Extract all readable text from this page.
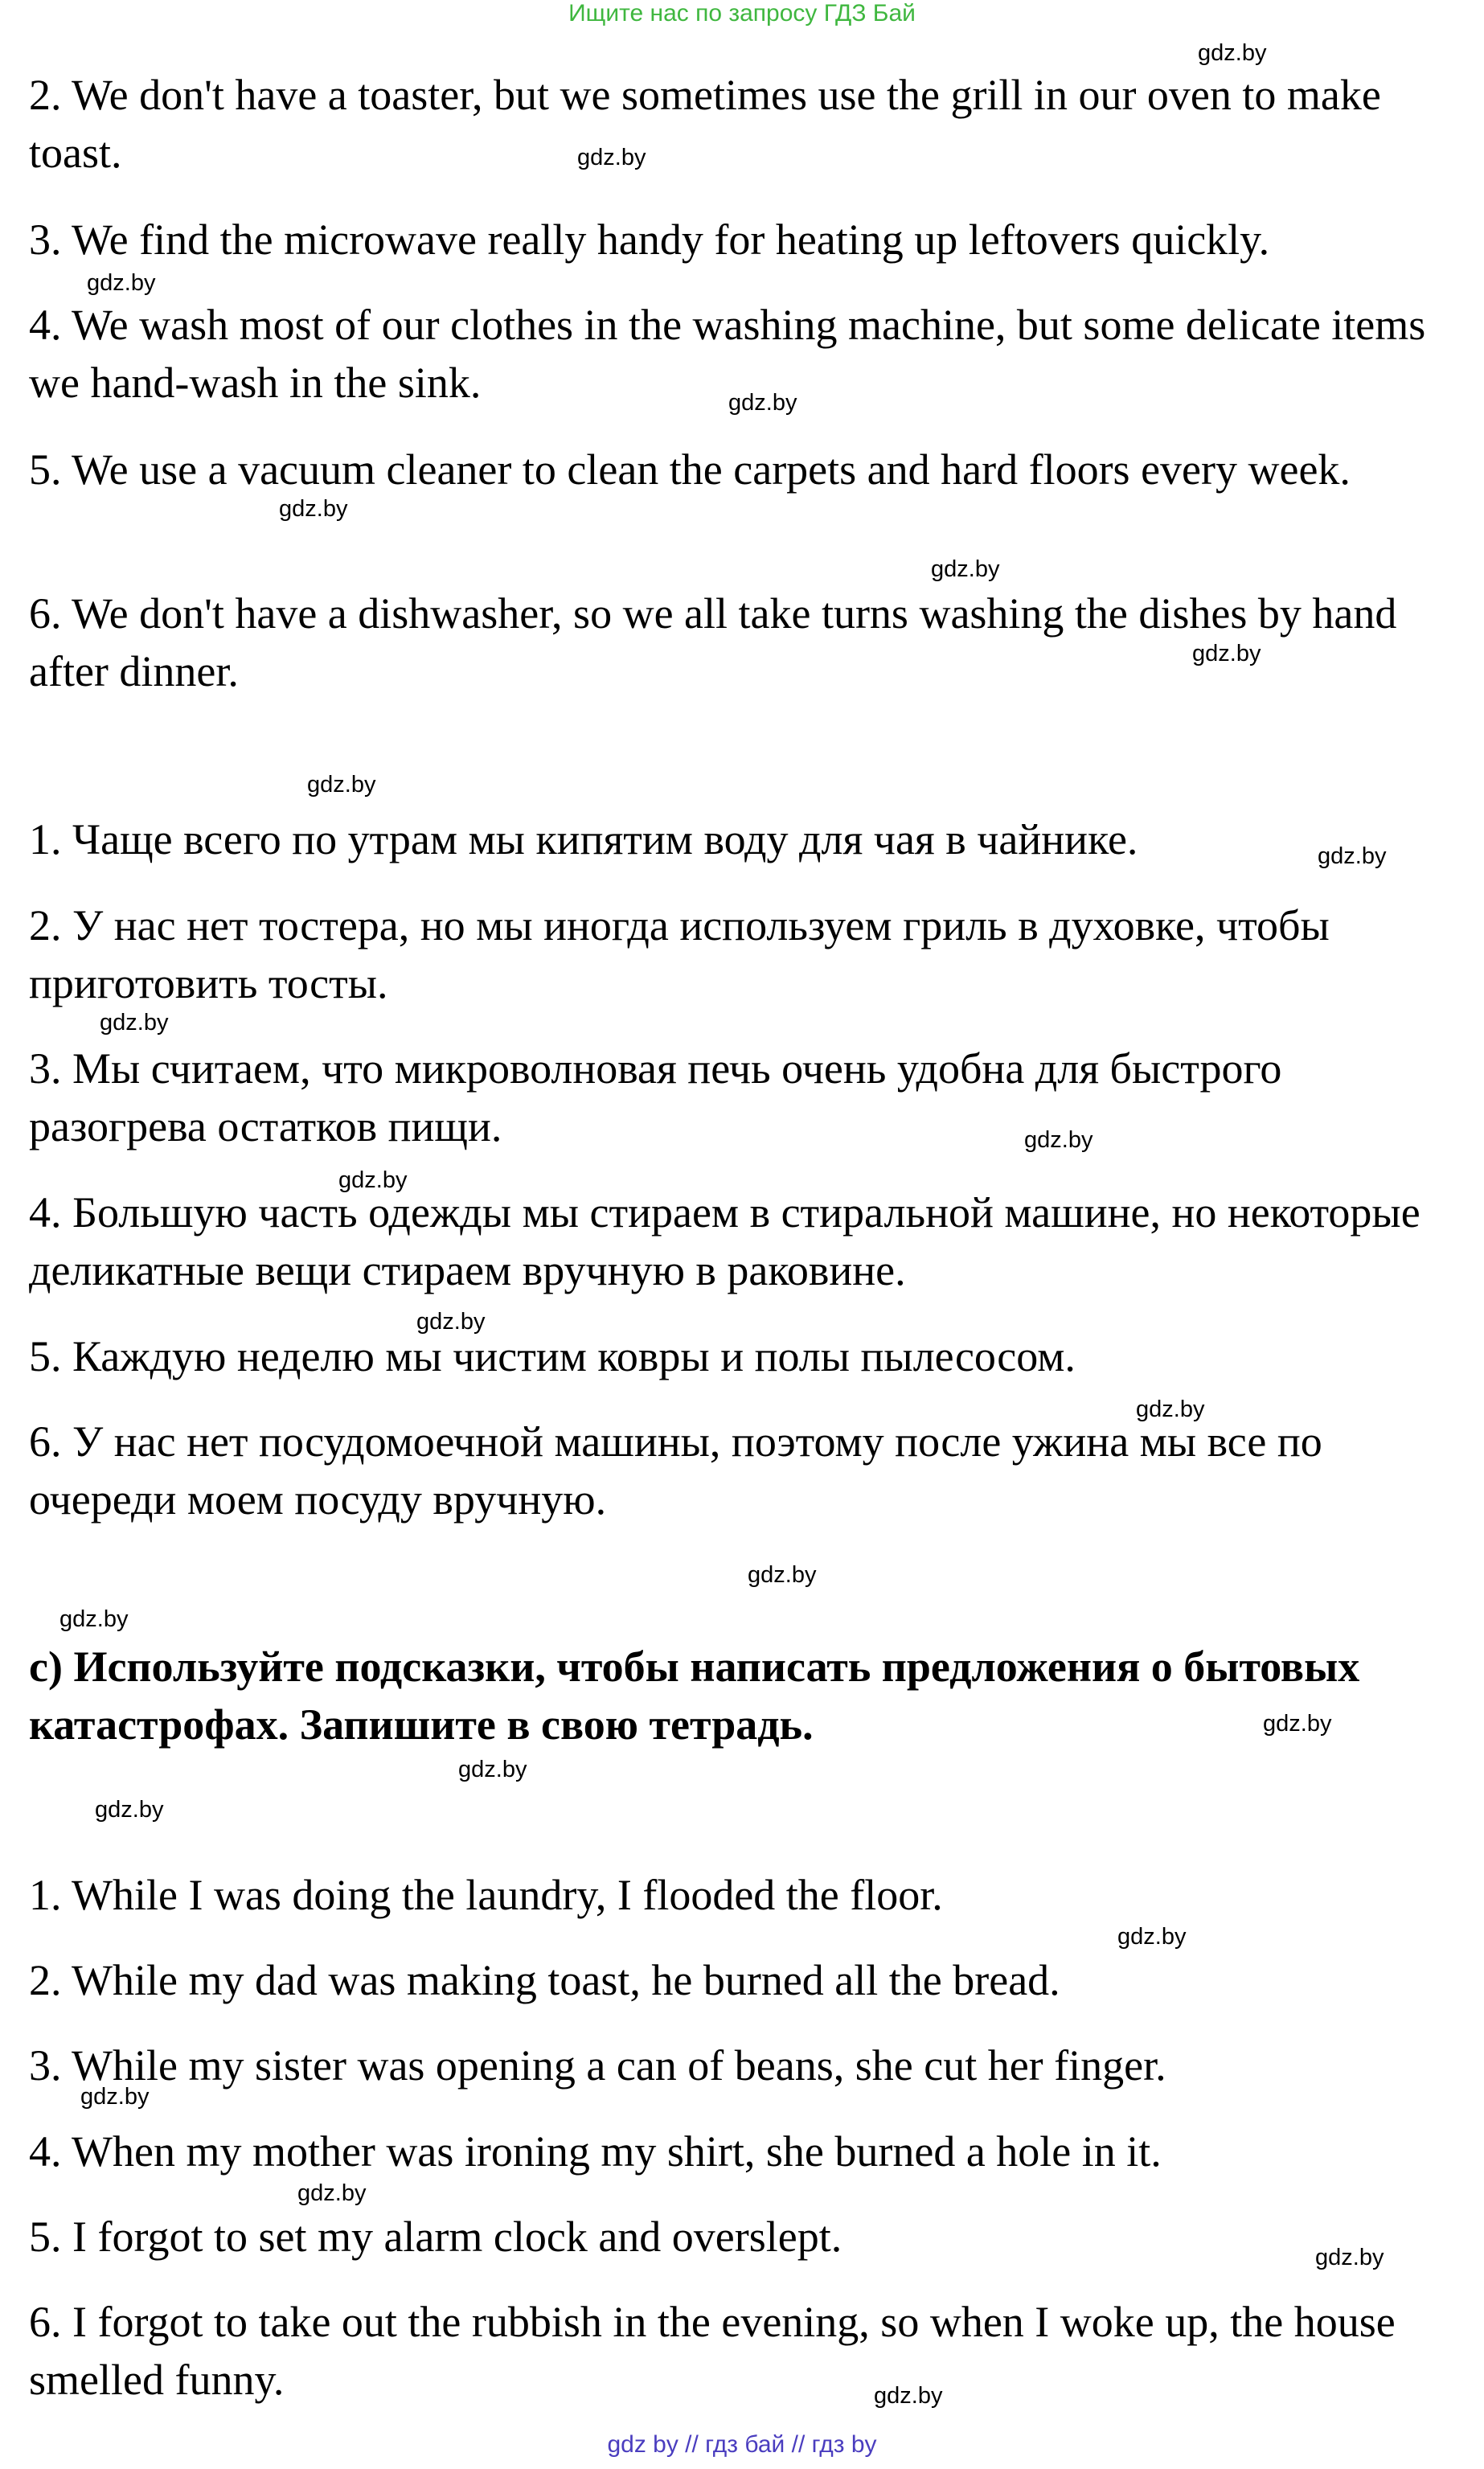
Ищите нас по запросу ГДЗ Бай
2. We don't have a toaster, but we sometimes use the grill in our oven to make toast.
3. We find the microwave really handy for heating up leftovers quickly.
4. We wash most of our clothes in the washing machine, but some delicate items we hand-wash in the sink.
5. We use a vacuum cleaner to clean the carpets and hard floors every week.
6. We don't have a dishwasher, so we all take turns washing the dishes by hand after dinner.
1. Чаще всего по утрам мы кипятим воду для чая в чайнике.
2. У нас нет тостера, но мы иногда используем гриль в духовке, чтобы приготовить тосты.
3. Мы считаем, что микроволновая печь очень удобна для быстрого разогрева остатков пищи.
4. Большую часть одежды мы стираем в стиральной машине, но некоторые деликатные вещи стираем вручную в раковине.
5. Каждую неделю мы чистим ковры и полы пылесосом.
6. У нас нет посудомоечной машины, поэтому после ужина мы все по очереди моем посуду вручную.
c) Используйте подсказки, чтобы написать предложения о бытовых катастрофах. Запишите в свою тетрадь.
1. While I was doing the laundry, I flooded the floor.
2. While my dad was making toast, he burned all the bread.
3. While my sister was opening a can of beans, she cut her finger.
4. When my mother was ironing my shirt, she burned a hole in it.
5. I forgot to set my alarm clock and overslept.
6. I forgot to take out the rubbish in the evening, so when I woke up, the house smelled funny.
gdz.by
gdz.by
gdz.by
gdz.by
gdz.by
gdz.by
gdz.by
gdz.by
gdz.by
gdz.by
gdz.by
gdz.by
gdz.by
gdz.by
gdz.by
gdz.by
gdz.by
gdz.by
gdz.by
gdz.by
gdz.by
gdz.by
gdz.by
gdz.by
gdz by // гдз бай // гдз by
